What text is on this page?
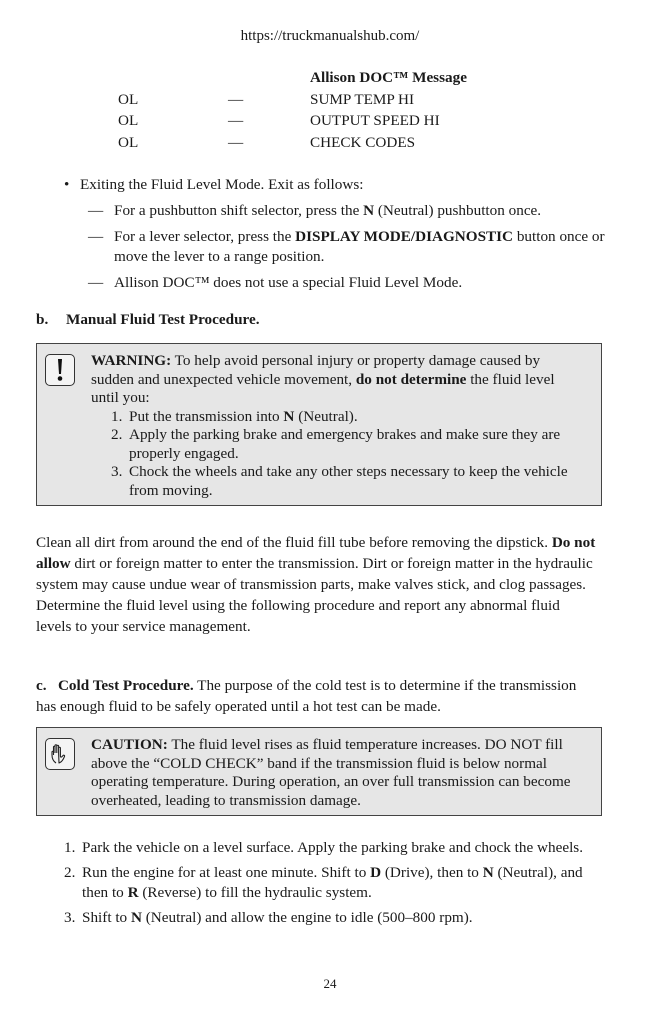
https://truckmanualshub.com/
Allison DOC™ Message
OL	—	SUMP TEMP HI
OL	—	OUTPUT SPEED HI
OL	—	CHECK CODES
• Exiting the Fluid Level Mode. Exit as follows:
— For a pushbutton shift selector, press the N (Neutral) pushbutton once.
— For a lever selector, press the DISPLAY MODE/DIAGNOSTIC button once or move the lever to a range position.
— Allison DOC™ does not use a special Fluid Level Mode.
b. Manual Fluid Test Procedure.
WARNING: To help avoid personal injury or property damage caused by sudden and unexpected vehicle movement, do not determine the fluid level until you:
1. Put the transmission into N (Neutral).
2. Apply the parking brake and emergency brakes and make sure they are properly engaged.
3. Chock the wheels and take any other steps necessary to keep the vehicle from moving.
Clean all dirt from around the end of the fluid fill tube before removing the dipstick. Do not allow dirt or foreign matter to enter the transmission. Dirt or foreign matter in the hydraulic system may cause undue wear of transmission parts, make valves stick, and clog passages. Determine the fluid level using the following procedure and report any abnormal fluid levels to your service management.
c. Cold Test Procedure. The purpose of the cold test is to determine if the transmission has enough fluid to be safely operated until a hot test can be made.
CAUTION: The fluid level rises as fluid temperature increases. DO NOT fill above the “COLD CHECK” band if the transmission fluid is below normal operating temperature. During operation, an over full transmission can become overheated, leading to transmission damage.
1. Park the vehicle on a level surface. Apply the parking brake and chock the wheels.
2. Run the engine for at least one minute. Shift to D (Drive), then to N (Neutral), and then to R (Reverse) to fill the hydraulic system.
3. Shift to N (Neutral) and allow the engine to idle (500–800 rpm).
24
